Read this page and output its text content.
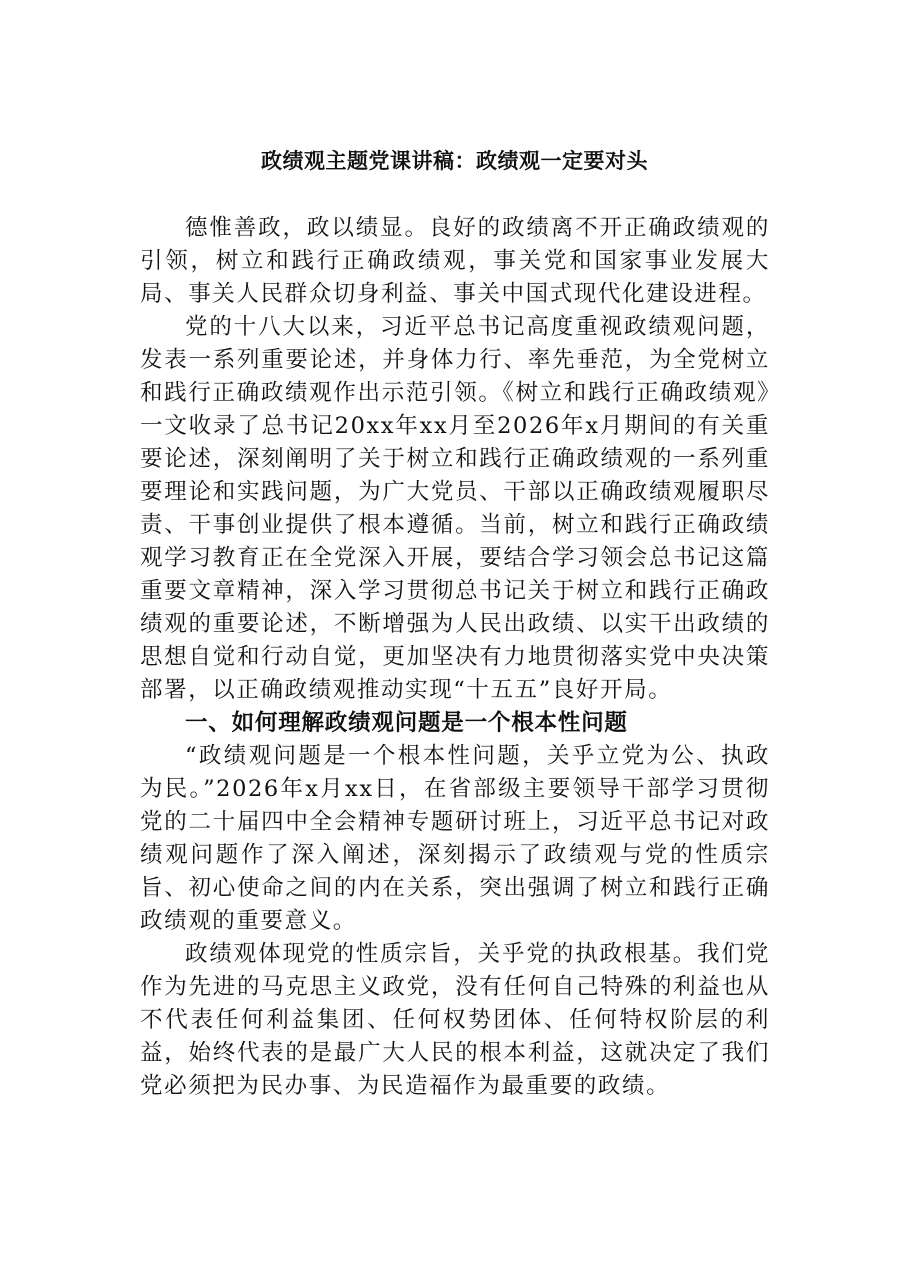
政绩观主题党课讲稿：政绩观一定要对头

德惟善政，政以绩显。良好的政绩离不开正确政绩观的引领，树立和践行正确政绩观，事关党和国家事业发展大局、事关人民群众切身利益、事关中国式现代化建设进程。

党的十八大以来，习近平总书记高度重视政绩观问题，发表一系列重要论述，并身体力行、率先垂范，为全党树立和践行正确政绩观作出示范引领。《树立和践行正确政绩观》一文收录了总书记20xx年xx月至2026年x月期间的有关重要论述，深刻阐明了关于树立和践行正确政绩观的一系列重要理论和实践问题，为广大党员、干部以正确政绩观履职尽责、干事创业提供了根本遵循。当前，树立和践行正确政绩观学习教育正在全党深入开展，要结合学习领会总书记这篇重要文章精神，深入学习贯彻总书记关于树立和践行正确政绩观的重要论述，不断增强为人民出政绩、以实干出政绩的思想自觉和行动自觉，更加坚决有力地贯彻落实党中央决策部署，以正确政绩观推动实现“十五五”良好开局。

一、如何理解政绩观问题是一个根本性问题

“政绩观问题是一个根本性问题，关乎立党为公、执政为民。”2026年x月xx日，在省部级主要领导干部学习贯彻党的二十届四中全会精神专题研讨班上，习近平总书记对政绩观问题作了深入阐述，深刻揭示了政绩观与党的性质宗旨、初心使命之间的内在关系，突出强调了树立和践行正确政绩观的重要意义。

政绩观体现党的性质宗旨，关乎党的执政根基。我们党作为先进的马克思主义政党，没有任何自己特殊的利益也从不代表任何利益集团、任何权势团体、任何特权阶层的利益，始终代表的是最广大人民的根本利益，这就决定了我们党必须把为民办事、为民造福作为最重要的政绩。
